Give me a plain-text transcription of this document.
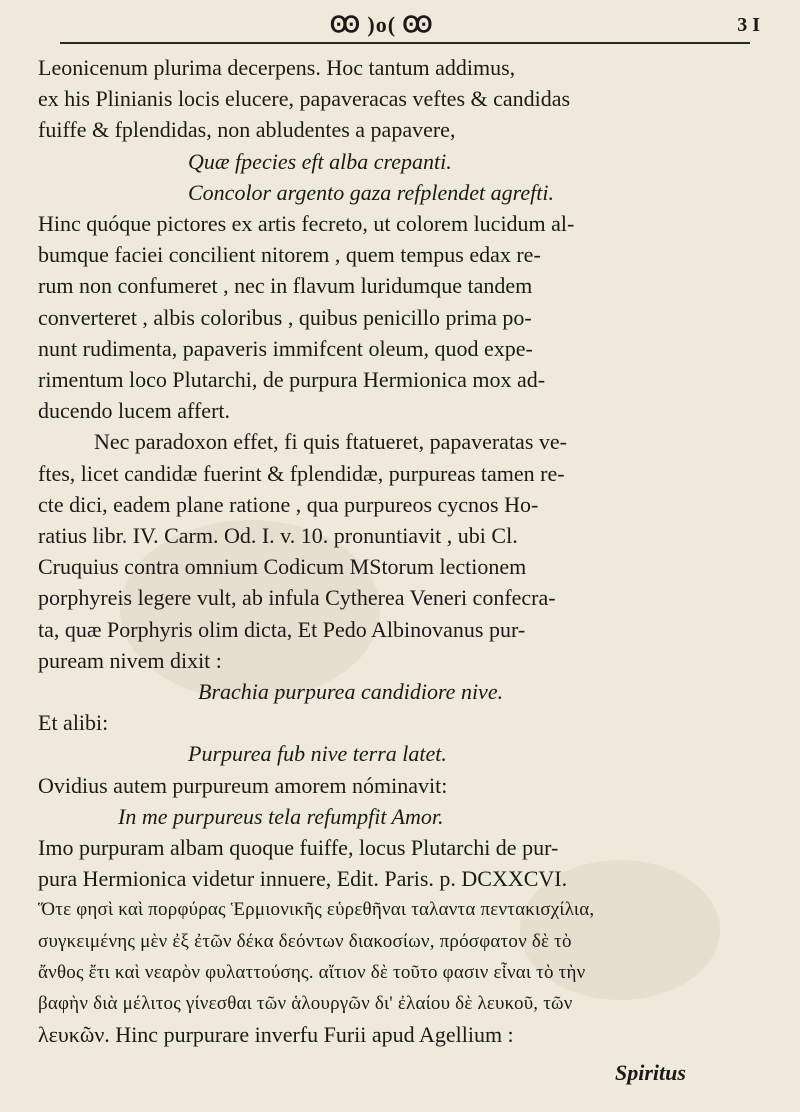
Ꙭ )o( Ꙭ	3 I
Leonicenum plurima decerpens. Hoc tantum addimus,
ex his Plinianis locis elucere, papaveracas veftes & candidas
fuiffe & fplendidas, non abludentes a papavere,
Quæ fpecies eft alba crepanti.
Concolor argento gaza refplendet agrefti.
Hinc quóque pictores ex artis fecreto, ut colorem lucidum al-
bumque faciei concilient nitorem , quem tempus edax re-
rum non confumeret , nec in flavum luridumque tandem
converteret , albis coloribus , quibus penicillo prima po-
nunt rudimenta, papaveris immifcent oleum, quod expe-
rimentum loco Plutarchi, de purpura Hermionica mox ad-
ducendo lucem affert.
Nec paradoxon effet, fi quis ftatueret, papaveratas ve-
ftes, licet candidæ fuerint & fplendidæ, purpureas tamen re-
cte dici, eadem plane ratione , qua purpureos cycnos Ho-
ratius libr. IV. Carm. Od. I. v. 10. pronuntiavit , ubi Cl.
Cruquius contra omnium Codicum MStorum lectionem
porphyreis legere vult, ab infula Cytherea Veneri confecra-
ta, quæ Porphyris olim dicta, Et Pedo Albinovanus pur-
puream nivem dixit :
Brachia purpurea candidiore nive.
Et alibi:
Purpurea fub nive terra latet.
Ovidius autem purpureum amorem nóminavit:
In me purpureus tela refumpfit Amor.
Imo purpuram albam quoque fuiffe, locus Plutarchi de pur-
pura Hermionica videtur innuere, Edit. Paris. p. DCXXCVI.
Ὅτε φησὶ καὶ πορφύρας Ἑρμιονικῆς εὑρεθῆναι ταλαντα πεντακισχίλια,
συγκειμένης μὲν ἐξ ἐτῶν δέκα δεόντων διακοσίων, πρόσφατον δὲ τὸ
ἄνθος ἔτι καὶ νεαρὸν φυλαττούσης. αἴτιον δὲ τοῦτο φασιν εἶναι τὸ τὴν
βαφὴν διὰ μέλιτος γίνεσθαι τῶν ἁλουργῶν δι' ἐλαίου δὲ λευκοῦ, τῶν
λευκῶν. Hinc purpurare inverfu Furii apud Agellium :
Spiritus
